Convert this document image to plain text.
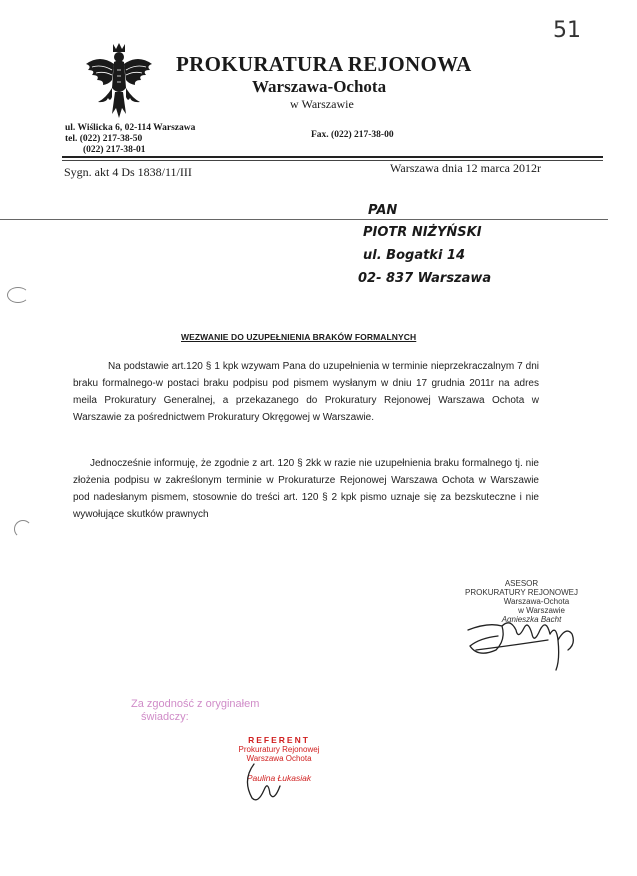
51
PROKURATURA REJONOWA
Warszawa-Ochota
w Warszawie
ul. Wiślicka 6, 02-114 Warszawa
tel. (022) 217-38-50
(022) 217-38-01
Fax. (022) 217-38-00
Sygn. akt 4 Ds 1838/11/III	Warszawa dnia 12 marca 2012r
PAN
PIOTR NIŻYŃSKI
ul. Bogatki 14
02- 837 Warszawa
WEZWANIE DO UZUPEŁNIENIA BRAKÓW FORMALNYCH
Na podstawie art.120 § 1 kpk wzywam Pana do uzupełnienia w terminie nieprzekraczalnym 7 dni braku formalnego-w postaci braku podpisu pod pismem wysłanym w dniu 17 grudnia 2011r na adres meila Prokuratury Generalnej, a przekazanego do Prokuratury Rejonowej Warszawa Ochota w Warszawie za pośrednictwem Prokuratury Okręgowej w Warszawie.
Jednocześnie informuję, że zgodnie z art. 120 § 2kk w razie nie uzupełnienia braku formalnego tj. nie złożenia podpisu w zakreślonym terminie w Prokuraturze Rejonowej Warszawa Ochota w Warszawie pod nadesłanym pismem, stosownie do treści art. 120 § 2 kpk pismo uznaje się za bezskuteczne i nie wywołujące skutków prawnych
ASESOR
PROKURATURY REJONOWEJ
Warszawa-Ochota
w Warszawie
Agnieszka Bacht
Za zgodność z oryginałem
świadczy:
REFERENT
Prokuratury Rejonowej
Warszawa Ochota
Paulina Łukasiak
